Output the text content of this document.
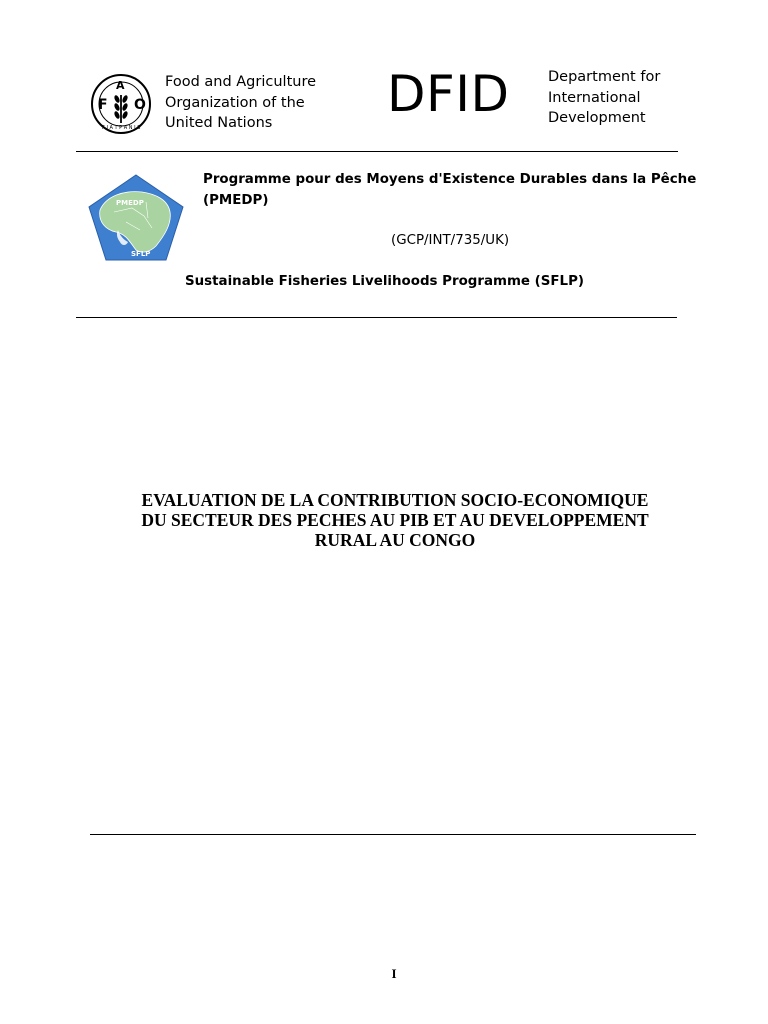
F
A
O
F I A T P A N I S
Food and Agriculture
Organization of the
United Nations	DFID	Department for
International
Development
PMEDP
SFLP
Programme pour des Moyens d'Existence Durables dans la Pêche
(PMEDP)
(GCP/INT/735/UK)
Sustainable Fisheries Livelihoods Programme (SFLP)
EVALUATION DE LA CONTRIBUTION SOCIO-ECONOMIQUE
DU SECTEUR DES PECHES AU PIB ET AU DEVELOPPEMENT
RURAL AU CONGO
I
